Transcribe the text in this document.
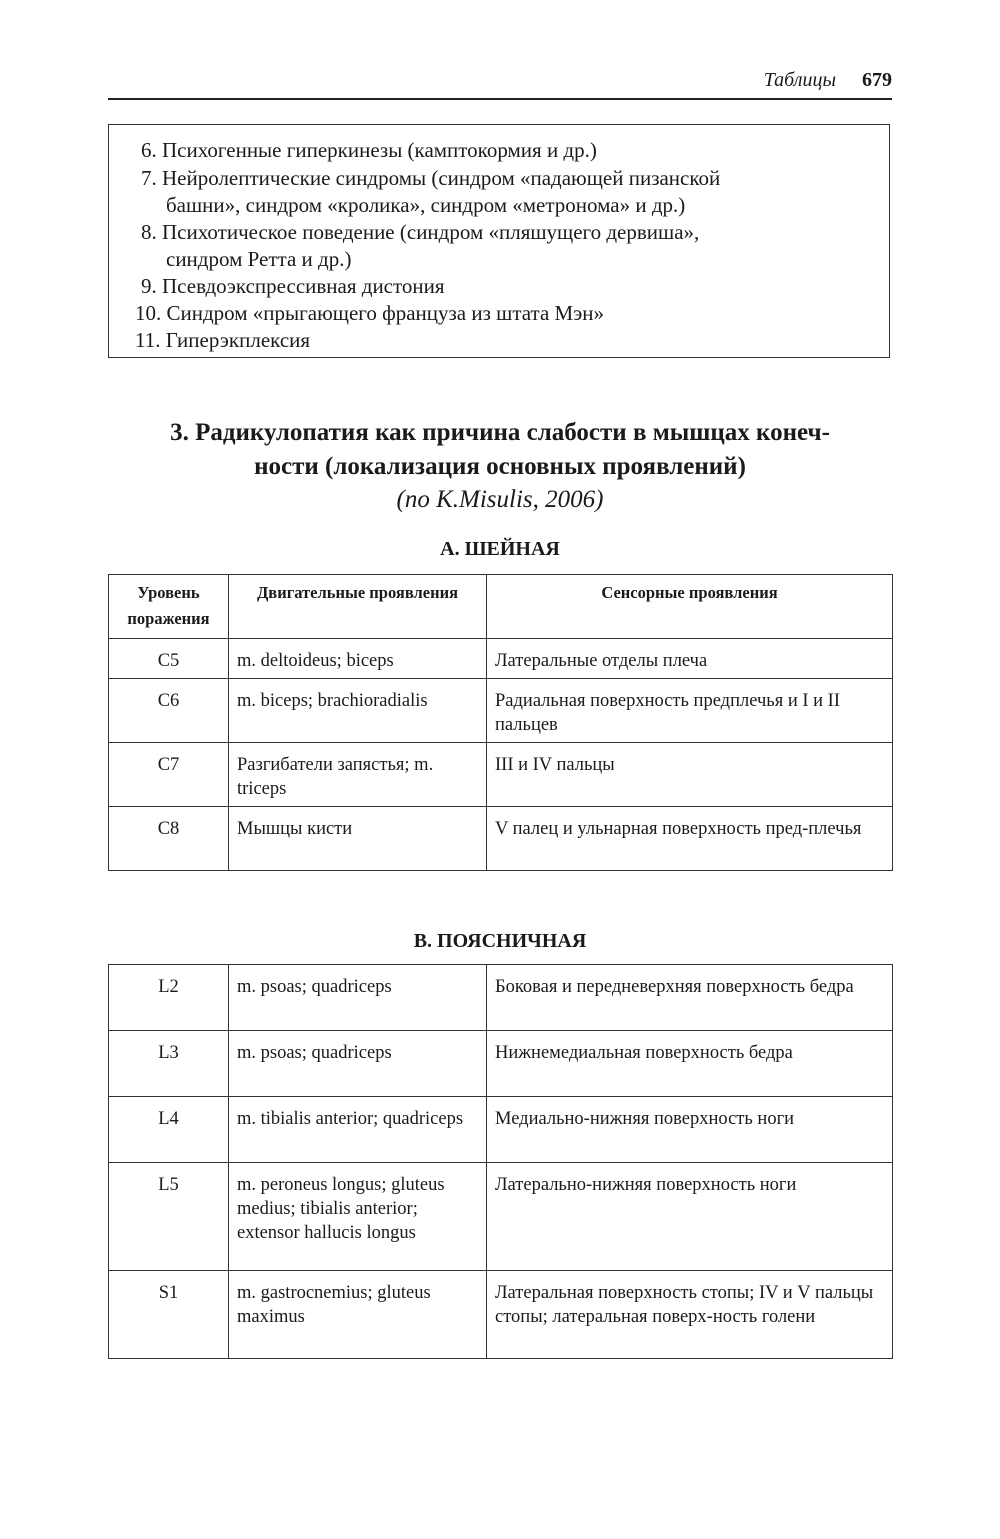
Таблицы 679
6. Психогенные гиперкинезы (камптокормия и др.)
7. Нейролептические синдромы (синдром «падающей пизанской
башни», синдром «кролика», синдром «метронома» и др.)
8. Психотическое поведение (синдром «пляшущего дервиша»,
синдром Ретта и др.)
9. Псевдоэкспрессивная дистония
10. Синдром «прыгающего француза из штата Мэн»
11. Гиперэкплексия
3. Радикулопатия как причина слабости в мышцах конеч-
ности (локализация основных проявлений)
(по K.Misulis, 2006)
А. ШЕЙНАЯ
Уровень поражения	Двигательные проявления	Сенсорные проявления
C5	m. deltoideus; biceps	Латеральные отделы плеча
C6	m. biceps; brachioradialis	Радиальная поверхность предплечья и I и II пальцев
C7	Разгибатели запястья; m. triceps	III и IV пальцы
C8	Мышцы кисти	V палец и ульнарная поверхность пред-плечья
В. ПОЯСНИЧНАЯ
L2	m. psoas; quadriceps	Боковая и передневерхняя поверхность бедра
L3	m. psoas; quadriceps	Нижнемедиальная поверхность бедра
L4	m. tibialis anterior; quadriceps	Медиально-нижняя поверхность ноги
L5	m. peroneus longus; gluteus medius; tibialis anterior; extensor hallucis longus	Латерально-нижняя поверхность ноги
S1	m. gastrocnemius; gluteus maximus	Латеральная поверхность стопы; IV и V пальцы стопы; латеральная поверх-ность голени
